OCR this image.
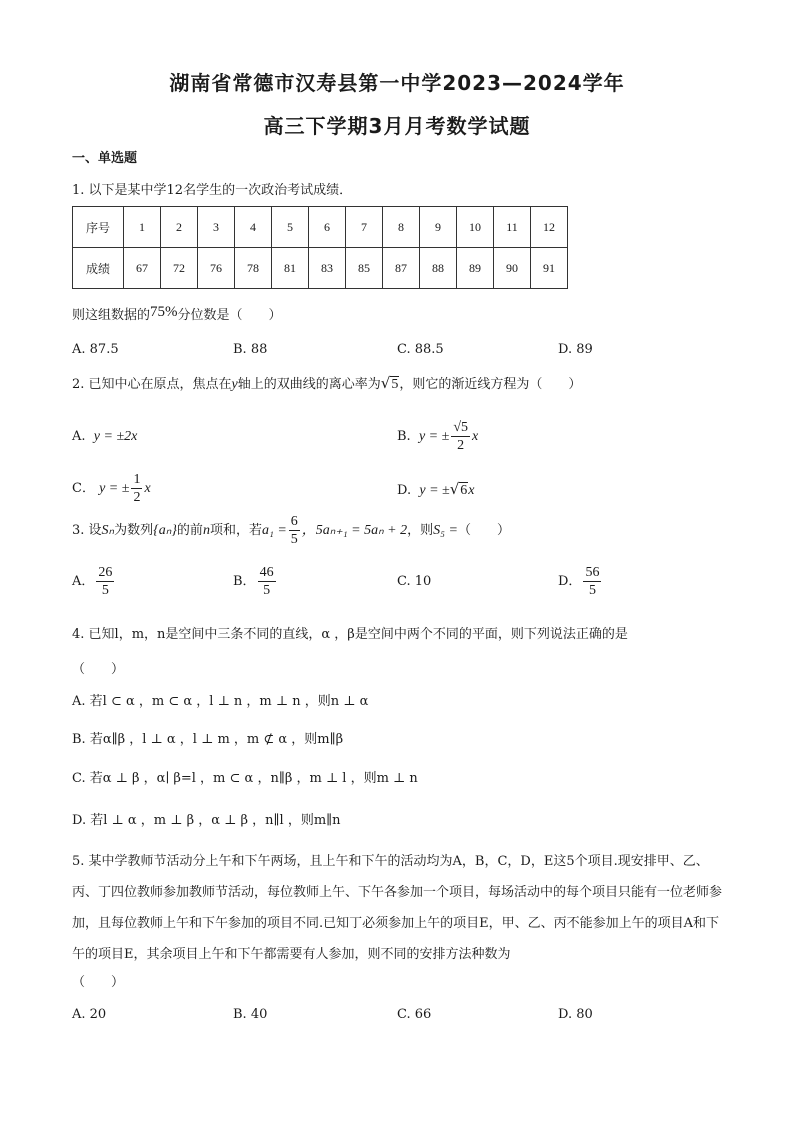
湖南省常德市汉寿县第一中学2023—2024学年
高三下学期3月月考数学试题
一、单选题
1. 以下是某中学12名学生的一次政治考试成绩．
序号	1	2	3	4	5	6	7	8	9	10	11	12
成绩	67	72	76	78	81	83	85	87	88	89	90	91
则这组数据的75%分位数是（　　）
A. 87.5	B. 88	C. 88.5	D. 89
2. 已知中心在原点，焦点在y轴上的双曲线的离心率为√5，则它的渐近线方程为（　　）
A. y = ±2x	B. y = ± $\frac{√5}{2}$ x
C． y = ± $\frac{1}{2}$ x	D. y = ±√6x
3. 设Sₙ为数列{aₙ}的前n项和，若$a_1 = \frac{6}{5}$ ，5aₙ₊₁ = 5aₙ + 2，则S₅ =（　　）
A． $\frac{26}{5}$	B． $\frac{46}{5}$	C. 10	D． $\frac{56}{5}$
4. 已知l，m，n是空间中三条不同的直线，α ，β是空间中两个不同的平面，则下列说法正确的是
（　　）
A. 若l ⊂ α ，m ⊂ α ，l ⊥ n ，m ⊥ n ，则n ⊥ α
B. 若α∥β ，l ⊥ α ，l ⊥ m ，m ⊄ α ，则m∥β
C. 若α ⊥ β ，α∣ β=l ，m ⊂ α ，n∥β ，m ⊥ l ，则m ⊥ n
D. 若l ⊥ α ，m ⊥ β ，α ⊥ β ，n∥l ，则m∥n
5. 某中学教师节活动分上午和下午两场，且上午和下午的活动均为A，B，C，D，E这5个项目.现安排甲、乙、丙、丁四位教师参加教师节活动，每位教师上午、下午各参加一个项目，每场活动中的每个项目只能有一位老师参加，且每位教师上午和下午参加的项目不同.已知丁必须参加上午的项目E，甲、乙、丙不能参加上午的项目A和下午的项目E，其余项目上午和下午都需要有人参加，则不同的安排方法种数为
（　　）
A. 20	B. 40	C. 66	D. 80
